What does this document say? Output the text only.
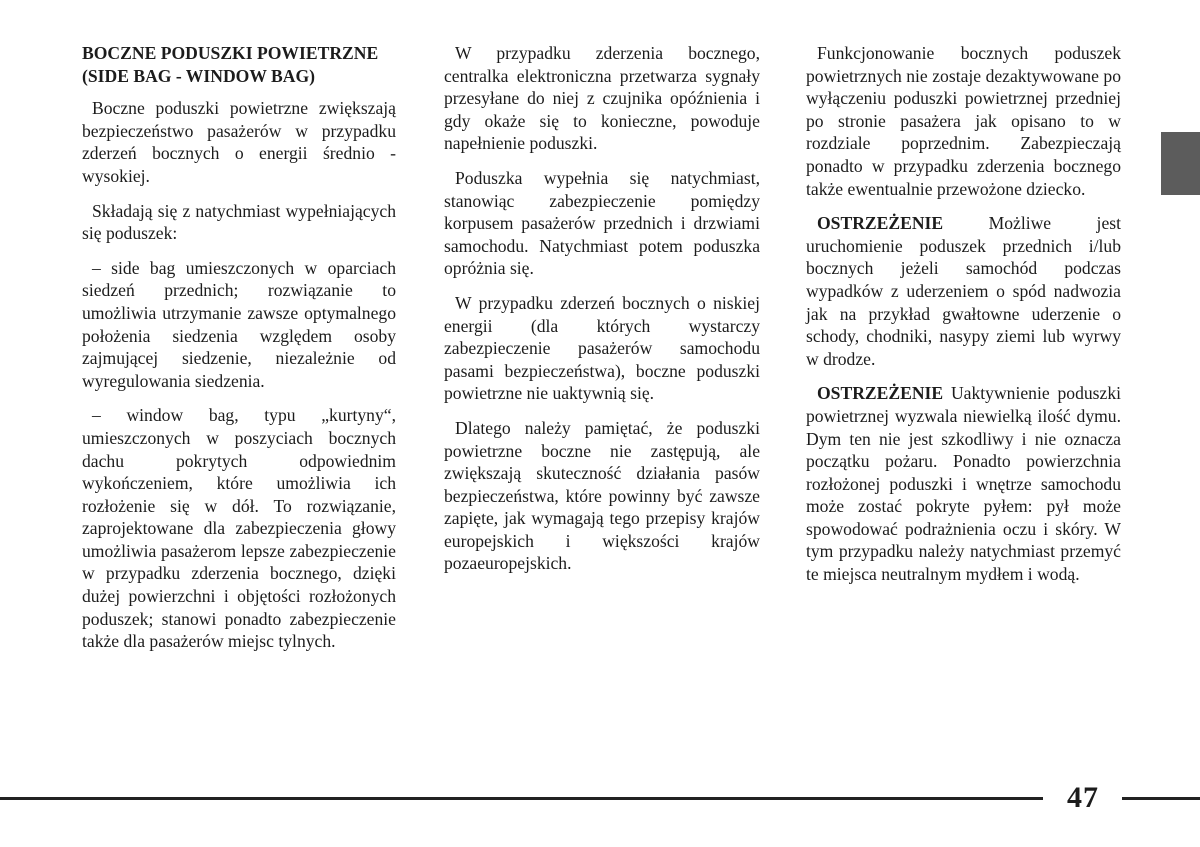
BOCZNE PODUSZKI POWIETRZNE (SIDE BAG - WINDOW BAG)

Boczne poduszki powietrzne zwiększają bezpieczeństwo pasażerów w przypadku zderzeń bocznych o energii średnio - wysokiej.

Składają się z natychmiast wypełniających się poduszek:

– side bag umieszczonych w oparciach siedzeń przednich; rozwiązanie to umożliwia utrzymanie zawsze optymalnego położenia siedzenia względem osoby zajmującej siedzenie, niezależnie od wyregulowania siedzenia.

– window bag, typu „kurtyny“, umieszczonych w poszyciach bocznych dachu pokrytych odpowiednim wykończeniem, które umożliwia ich rozłożenie się w dół. To rozwiązanie, zaprojektowane dla zabezpieczenia głowy umożliwia pasażerom lepsze zabezpieczenie w przypadku zderzenia bocznego, dzięki dużej powierzchni i objętości rozłożonych poduszek; stanowi ponadto zabezpieczenie także dla pasażerów miejsc tylnych.

W przypadku zderzenia bocznego, centralka elektroniczna przetwarza sygnały przesyłane do niej z czujnika opóźnienia i gdy okaże się to konieczne, powoduje napełnienie poduszki.

Poduszka wypełnia się natychmiast, stanowiąc zabezpieczenie pomiędzy korpusem pasażerów przednich i drzwiami samochodu. Natychmiast potem poduszka opróżnia się.

W przypadku zderzeń bocznych o niskiej energii (dla których wystarczy zabezpieczenie pasażerów samochodu pasami bezpieczeństwa), boczne poduszki powietrzne nie uaktywnią się.

Dlatego należy pamiętać, że poduszki powietrzne boczne nie zastępują, ale zwiększają skuteczność działania pasów bezpieczeństwa, które powinny być zawsze zapięte, jak wymagają tego przepisy krajów europejskich i większości krajów pozaeuropejskich.

Funkcjonowanie bocznych poduszek powietrznych nie zostaje dezaktywowane po wyłączeniu poduszki powietrznej przedniej po stronie pasażera jak opisano to w rozdziale poprzednim. Zabezpieczają ponadto w przypadku zderzenia bocznego także ewentualnie przewożone dziecko.

OSTRZEŻENIE Możliwe jest uruchomienie poduszek przednich i/lub bocznych jeżeli samochód podczas wypadków z uderzeniem o spód nadwozia jak na przykład gwałtowne uderzenie o schody, chodniki, nasypy ziemi lub wyrwy w drodze.

OSTRZEŻENIE Uaktywnienie poduszki powietrznej wyzwala niewielką ilość dymu. Dym ten nie jest szkodliwy i nie oznacza początku pożaru. Ponadto powierzchnia rozłożonej poduszki i wnętrze samochodu może zostać pokryte pyłem: pył może spowodować podrażnienia oczu i skóry. W tym przypadku należy natychmiast przemyć te miejsca neutralnym mydłem i wodą.

47
